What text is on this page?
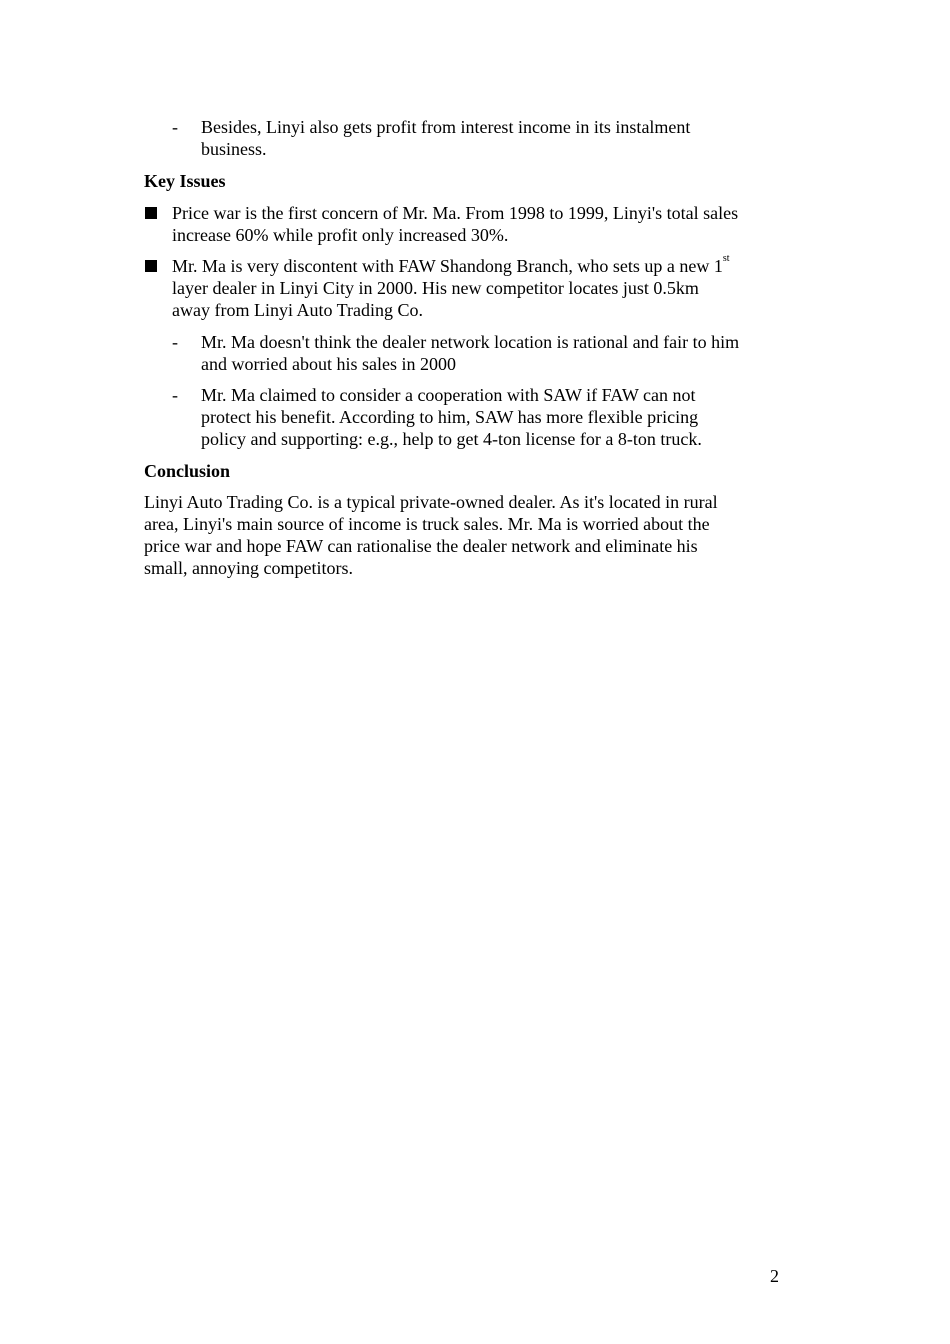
- Besides, Linyi also gets profit from interest income in its instalment
business.
Key Issues
Price war is the first concern of Mr. Ma. From 1998 to 1999, Linyi's total sales
increase 60% while profit only increased 30%.
Mr. Ma is very discontent with FAW Shandong Branch, who sets up a new 1st
layer dealer in Linyi City in 2000. His new competitor locates just 0.5km
away from Linyi Auto Trading Co.
- Mr. Ma doesn't think the dealer network location is rational and fair to him
and worried about his sales in 2000
- Mr. Ma claimed to consider a cooperation with SAW if FAW can not
protect his benefit. According to him, SAW has more flexible pricing
policy and supporting: e.g., help to get 4-ton license for a 8-ton truck.
Conclusion
Linyi Auto Trading Co. is a typical private-owned dealer. As it's located in rural
area, Linyi's main source of income is truck sales. Mr. Ma is worried about the
price war and hope FAW can rationalise the dealer network and eliminate his
small, annoying competitors.
2
